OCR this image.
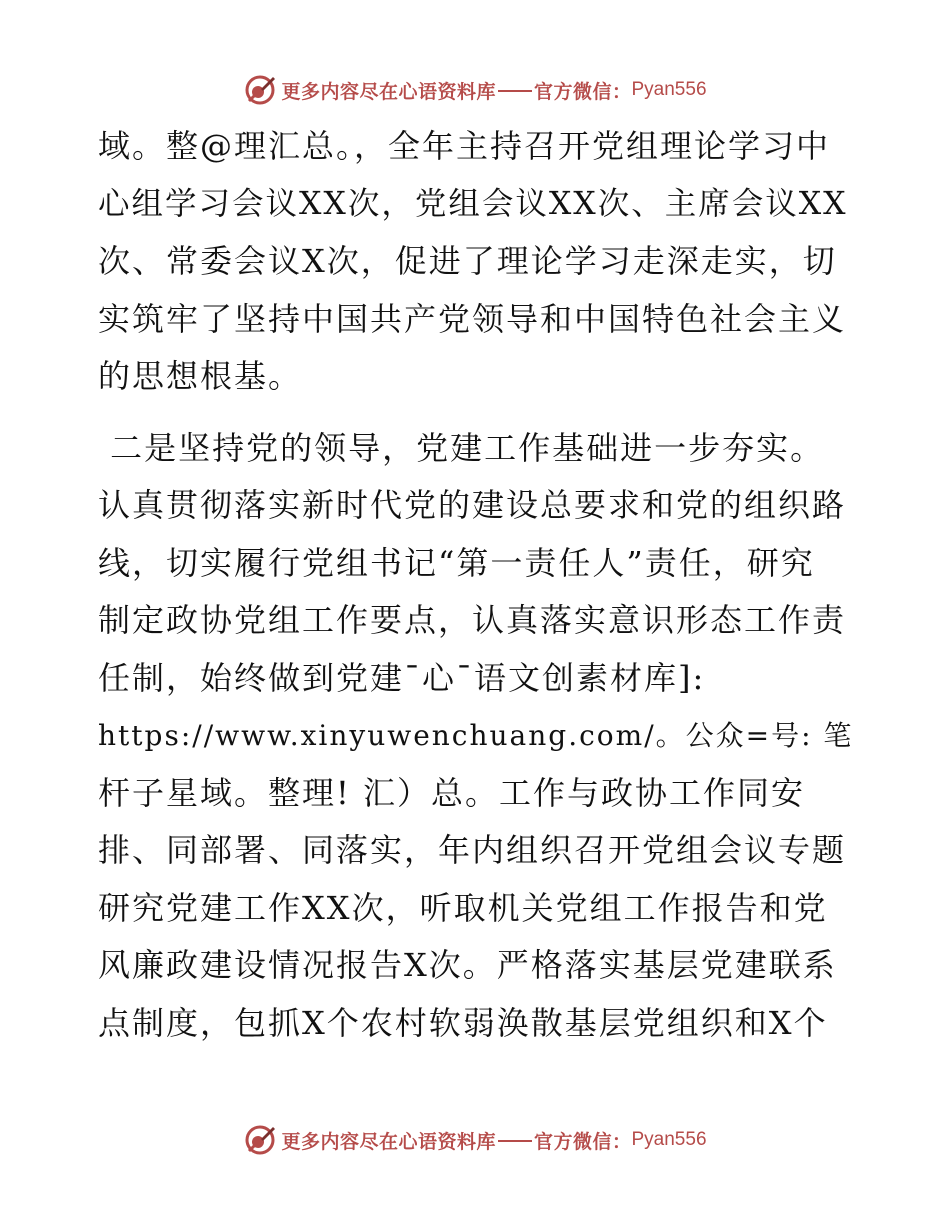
更多内容尽在心语资料库 官方微信： Pyan556
域。整@理汇总。，全年主持召开党组理论学习中
心组学习会议XX次，党组会议XX次、主席会议XX
次、常委会议X次，促进了理论学习走深走实，切
实筑牢了坚持中国共产党领导和中国特色社会主义
的思想根基。
二是坚持党的领导，党建工作基础进一步夯实。
认真贯彻落实新时代党的建设总要求和党的组织路
线，切实履行党组书记“第一责任人”责任，研究
制定政协党组工作要点，认真落实意识形态工作责
任制，始终做到党建¯心¯语文创素材库]:
https://www.xinyuwenchuang.com/。公众=号: 笔
杆子星域。整理! 汇）总。工作与政协工作同安
排、同部署、同落实，年内组织召开党组会议专题
研究党建工作XX次，听取机关党组工作报告和党
风廉政建设情况报告X次。严格落实基层党建联系
点制度，包抓X个农村软弱涣散基层党组织和X个
更多内容尽在心语资料库 官方微信： Pyan556
